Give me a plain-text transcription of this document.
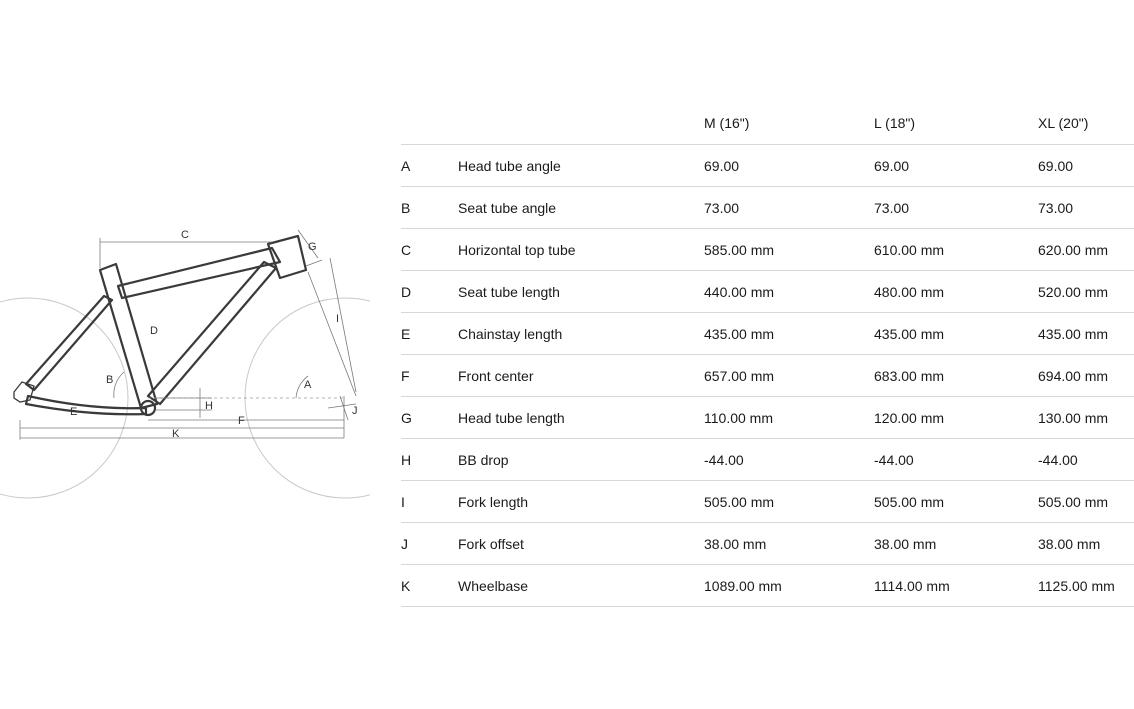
C
G
D
I
A
B
H	J
E
F
K
		M (16")	L (18")	XL (20")
A	Head tube angle	69.00	69.00	69.00
B	Seat tube angle	73.00	73.00	73.00
C	Horizontal top tube	585.00 mm	610.00 mm	620.00 mm
D	Seat tube length	440.00 mm	480.00 mm	520.00 mm
E	Chainstay length	435.00 mm	435.00 mm	435.00 mm
F	Front center	657.00 mm	683.00 mm	694.00 mm
G	Head tube length	110.00 mm	120.00 mm	130.00 mm
H	BB drop	-44.00	-44.00	-44.00
I	Fork length	505.00 mm	505.00 mm	505.00 mm
J	Fork offset	38.00 mm	38.00 mm	38.00 mm
K	Wheelbase	1089.00 mm	1114.00 mm	1125.00 mm
